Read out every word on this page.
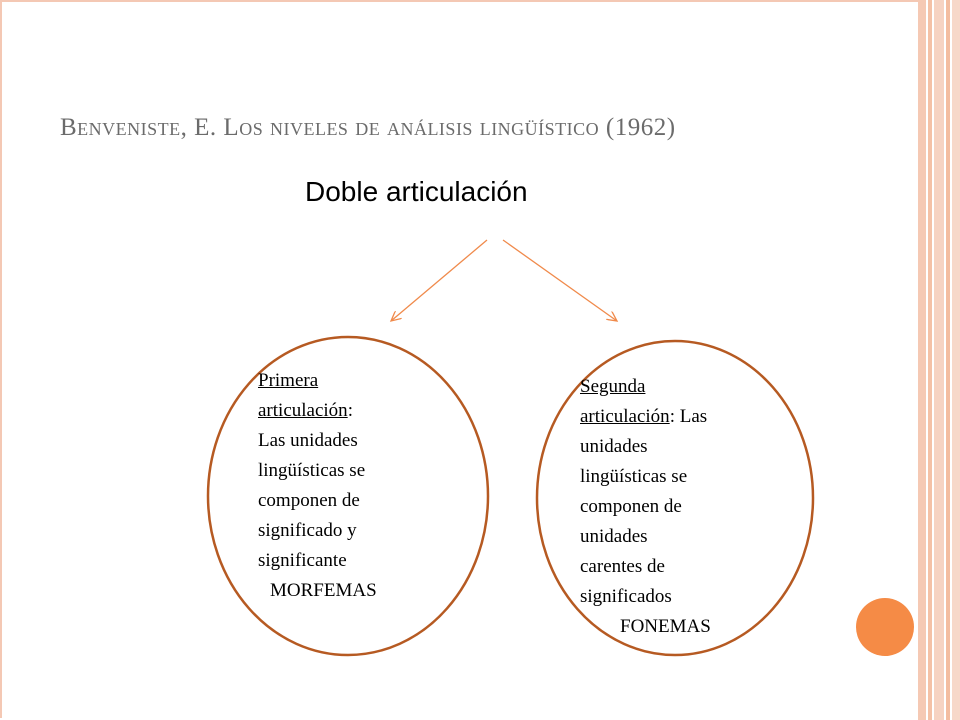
Benveniste, E. Los niveles de análisis lingüístico (1962)
Doble articulación
Primera
articulación:
Las unidades
lingüísticas se
componen de
significado y
significante
MORFEMAS
Segunda
articulación: Las
unidades
lingüísticas se
componen de
unidades
carentes de
significados
FONEMAS
